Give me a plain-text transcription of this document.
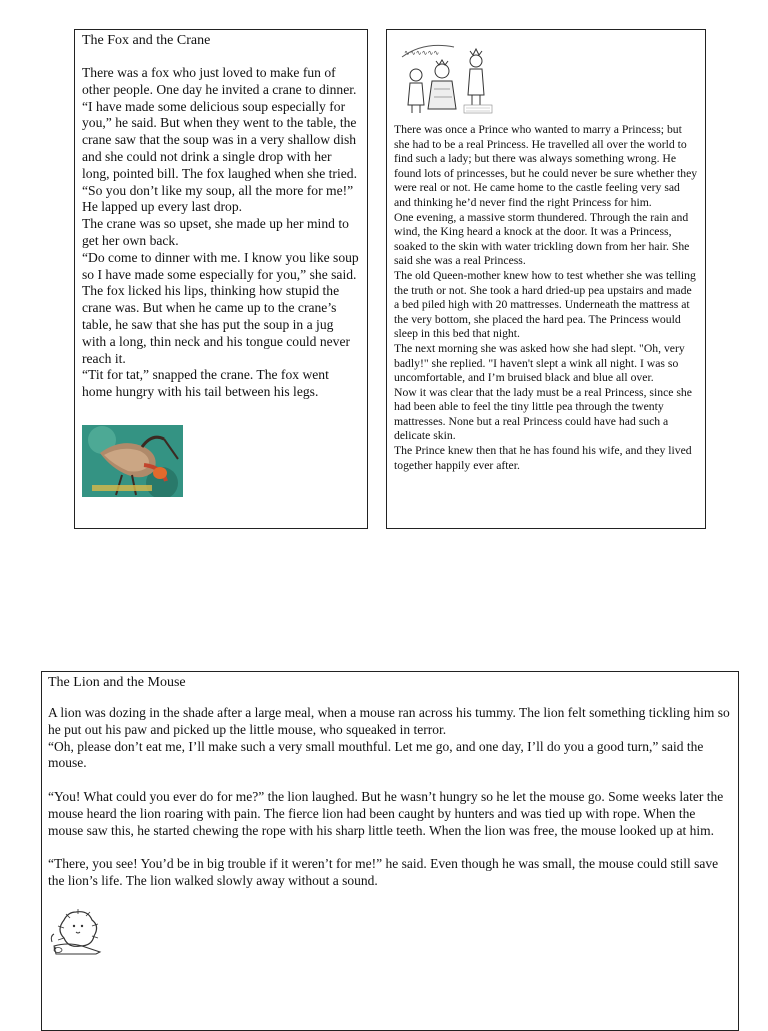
The Fox and the Crane

There was a fox who just loved to make fun of other people. One day he invited a crane to dinner.

“I have made some delicious soup especially for you,” he said. But when they went to the table, the crane saw that the soup was in a very shallow dish and she could not drink a single drop with her long, pointed bill. The fox laughed when she tried.

“So you don’t like my soup, all the more for me!” He lapped up every last drop.

The crane was so upset, she made up her mind to get her own back.

“Do come to dinner with me. I know you like soup so I have made some especially for you,” she said. The fox licked his lips, thinking how stupid the crane was. But when he came up to the crane’s table, he saw that she has put the soup in a jug with a long, thin neck and his tongue could never reach it.

“Tit for tat,” snapped the crane. The fox went home hungry with his tail between his legs.

∿∿∿∿∿∿

There was once a Prince who wanted to marry a Princess; but she had to be a real Princess. He travelled all over the world to find such a lady; but there was always something wrong. He found lots of princesses, but he could never be sure whether they were real or not. He came home to the castle feeling very sad and thinking he’d never find the right Princess for him.

One evening, a massive storm thundered. Through the rain and wind, the King heard a knock at the door. It was a Princess, soaked to the skin with water trickling down from her hair. She said she was a real Princess.

The old Queen-mother knew how to test whether she was telling the truth or not. She took a hard dried-up pea upstairs and made a bed piled high with 20 mattresses. Underneath the mattress at the very bottom, she placed the hard pea. The Princess would sleep in this bed that night.

The next morning she was asked how she had slept. "Oh, very badly!" she replied. "I haven't slept a wink all night. I was so uncomfortable, and I’m bruised black and blue all over.

Now it was clear that the lady must be a real Princess, since she had been able to feel the tiny little pea through the twenty mattresses. None but a real Princess could have had such a delicate skin.

The Prince knew then that he has found his wife, and they lived together happily ever after.

The Lion and the Mouse

A lion was dozing in the shade after a large meal, when a mouse ran across his tummy. The lion felt something tickling him so he put out his paw and picked up the little mouse, who squeaked in terror.

“Oh, please don’t eat me, I’ll make such a very small mouthful. Let me go, and one day, I’ll do you a good turn,” said the mouse.

“You! What could you ever do for me?” the lion laughed. But he wasn’t hungry so he let the mouse go. Some weeks later the mouse heard the lion roaring with pain. The fierce lion had been caught by hunters and was tied up with rope. When the mouse saw this, he started chewing the rope with his sharp little teeth. When the lion was free, the mouse looked up at him.

“There, you see! You’d be in big trouble if it weren’t for me!” he said. Even though he was small, the mouse could still save the lion’s life. The lion walked slowly away without a sound.
